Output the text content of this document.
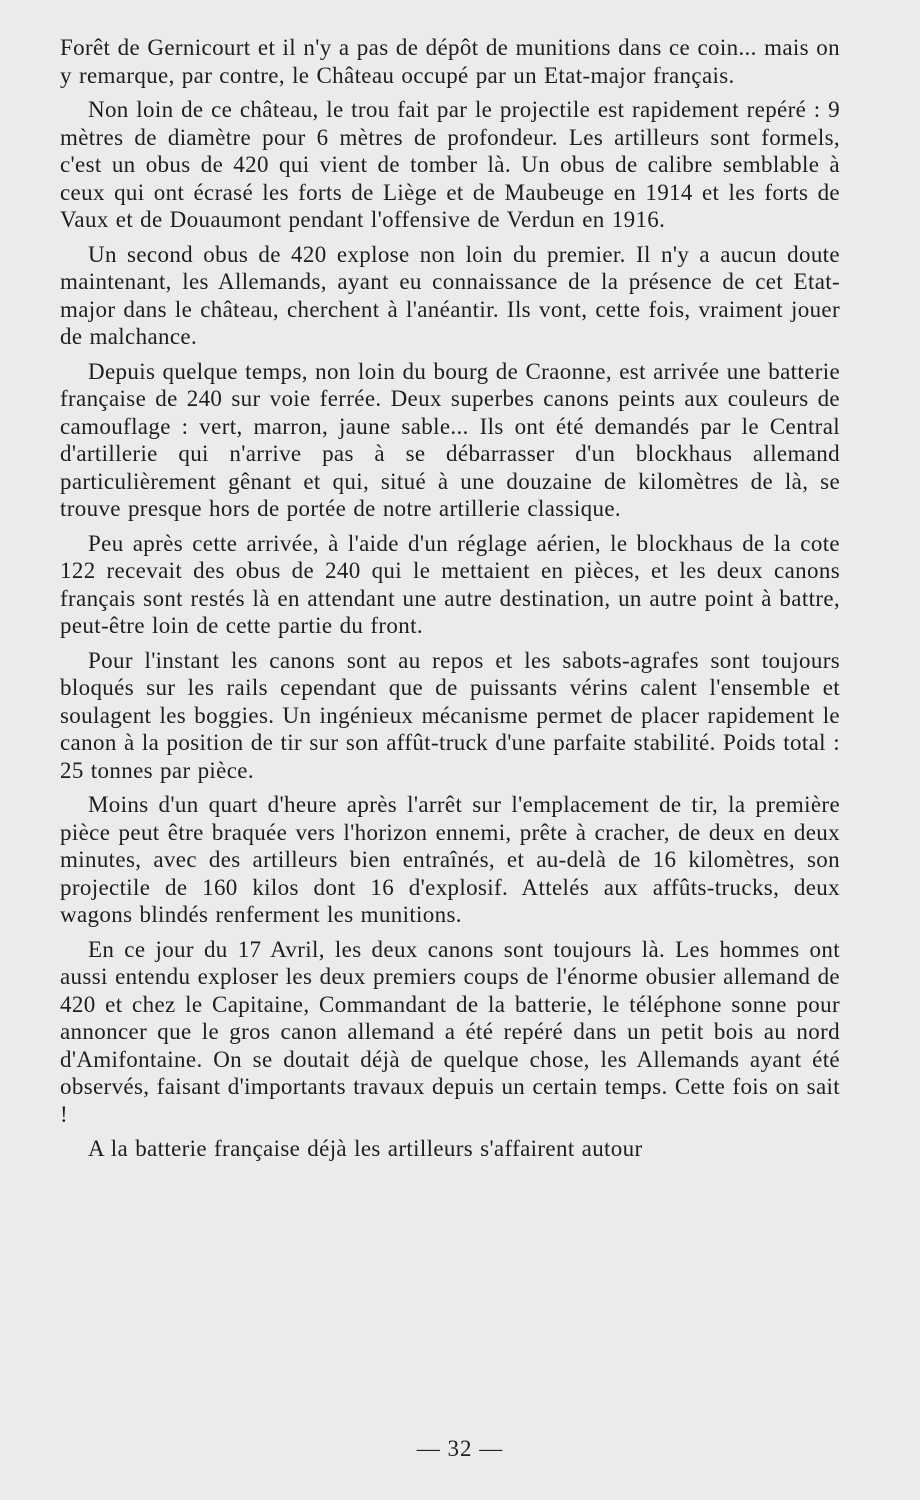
Forêt de Gernicourt et il n'y a pas de dépôt de munitions dans ce coin... mais on y remarque, par contre, le Château occupé par un Etat-major français.

Non loin de ce château, le trou fait par le projectile est rapidement repéré : 9 mètres de diamètre pour 6 mètres de profondeur. Les artilleurs sont formels, c'est un obus de 420 qui vient de tomber là. Un obus de calibre semblable à ceux qui ont écrasé les forts de Liège et de Maubeuge en 1914 et les forts de Vaux et de Douaumont pendant l'offensive de Verdun en 1916.

Un second obus de 420 explose non loin du premier. Il n'y a aucun doute maintenant, les Allemands, ayant eu connaissance de la présence de cet Etat-major dans le château, cherchent à l'anéantir. Ils vont, cette fois, vraiment jouer de malchance.

Depuis quelque temps, non loin du bourg de Craonne, est arrivée une batterie française de 240 sur voie ferrée. Deux superbes canons peints aux couleurs de camouflage : vert, marron, jaune sable... Ils ont été demandés par le Central d'artillerie qui n'arrive pas à se débarrasser d'un blockhaus allemand particulièrement gênant et qui, situé à une douzaine de kilomètres de là, se trouve presque hors de portée de notre artillerie classique.

Peu après cette arrivée, à l'aide d'un réglage aérien, le blockhaus de la cote 122 recevait des obus de 240 qui le mettaient en pièces, et les deux canons français sont restés là en attendant une autre destination, un autre point à battre, peut-être loin de cette partie du front.

Pour l'instant les canons sont au repos et les sabots-agrafes sont toujours bloqués sur les rails cependant que de puissants vérins calent l'ensemble et soulagent les boggies. Un ingénieux mécanisme permet de placer rapidement le canon à la position de tir sur son affût-truck d'une parfaite stabilité. Poids total : 25 tonnes par pièce.

Moins d'un quart d'heure après l'arrêt sur l'emplacement de tir, la première pièce peut être braquée vers l'horizon ennemi, prête à cracher, de deux en deux minutes, avec des artilleurs bien entraînés, et au-delà de 16 kilomètres, son projectile de 160 kilos dont 16 d'explosif. Attelés aux affûts-trucks, deux wagons blindés renferment les munitions.

En ce jour du 17 Avril, les deux canons sont toujours là. Les hommes ont aussi entendu exploser les deux premiers coups de l'énorme obusier allemand de 420 et chez le Capitaine, Commandant de la batterie, le téléphone sonne pour annoncer que le gros canon allemand a été repéré dans un petit bois au nord d'Amifontaine. On se doutait déjà de quelque chose, les Allemands ayant été observés, faisant d'importants travaux depuis un certain temps. Cette fois on sait !

A la batterie française déjà les artilleurs s'affairent autour

— 32 —
